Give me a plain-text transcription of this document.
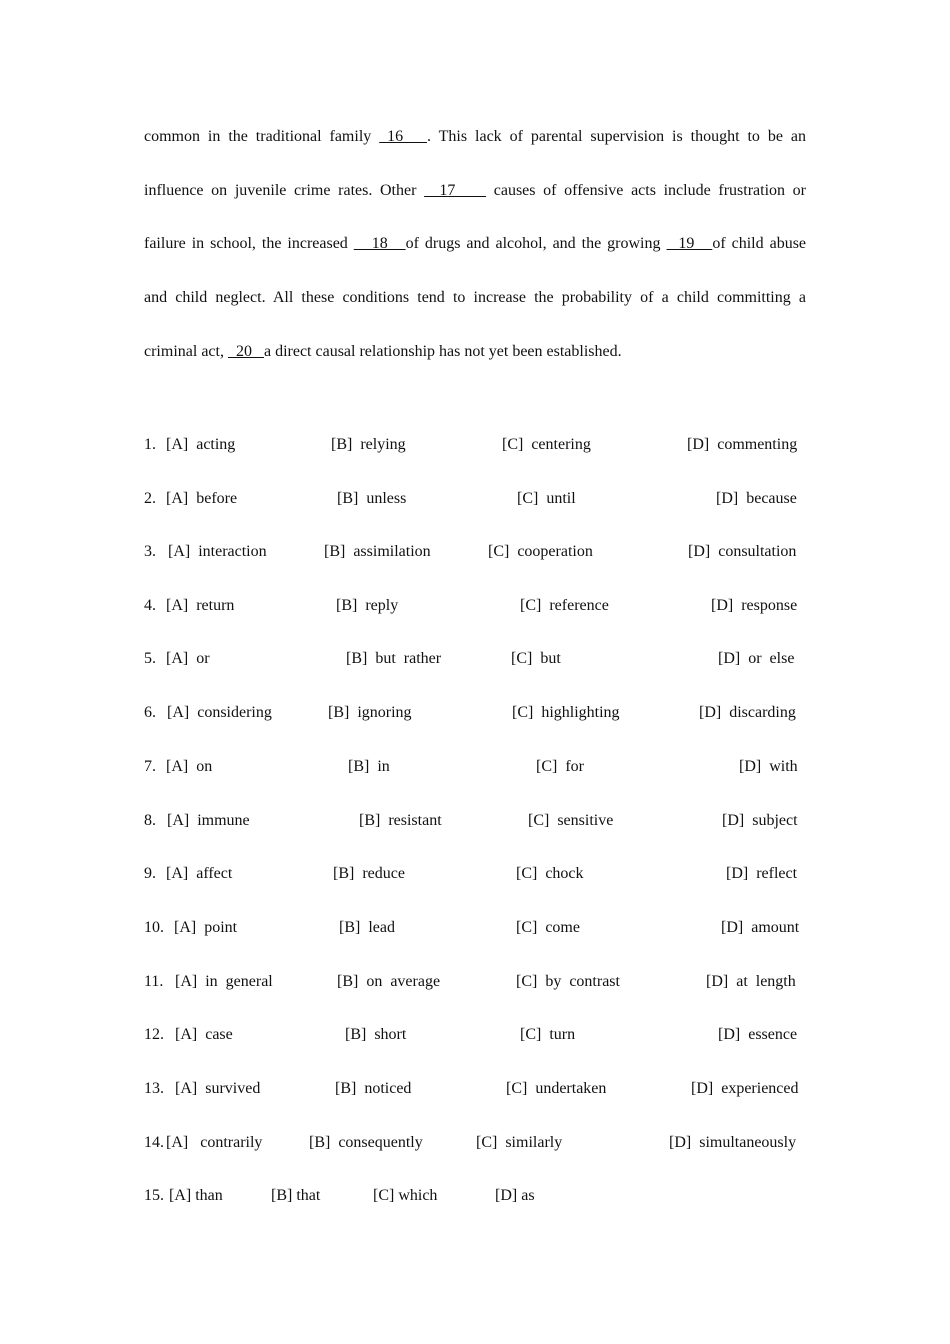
common in the traditional family  16   . This lack of parental supervision is thought to be an
influence on juvenile crime rates. Other   17     causes of offensive acts include frustration or
failure in school, the increased    18   of drugs and alcohol, and the growing   19   of child abuse
and child neglect. All these conditions tend to increase the probability of a child committing a
criminal act,   20   a direct causal relationship has not yet been established.

1.

[A]  acting

	[B]  relying

	[C]  centering

	[D]  commenting

2.

[A]  before

	[B]  unless

	[C]  until

	[D]  because

3.

[A]  interaction

	[B]  assimilation

	[C]  cooperation

	[D]  consultation

4.

[A]  return

	[B]  reply

	[C]  reference

	[D]  response

5.

[A]  or

	[B]  but  rather

	[C]  but

	[D]  or  else

6.

[A]  considering

	[B]  ignoring

	[C]  highlighting

	[D]  discarding

7.

[A]  on

	[B]  in

	[C]  for

	[D]  with

8.

[A]  immune

	[B]  resistant

	[C]  sensitive

	[D]  subject

9.

[A]  affect

	[B]  reduce

	[C]  chock

	[D]  reflect

10.

[A]  point

	[B]  lead

	[C]  come

	[D]  amount

11.

[A]  in  general

	[B]  on  average

	[C]  by  contrast

	[D]  at  length

12.

[A]  case

	[B]  short

	[C]  turn

	[D]  essence

13.

[A]  survived

	[B]  noticed

	[C]  undertaken

	[D]  experienced

14.

[A]   contrarily

	[B]  consequently

	[C]  similarly

	[D]  simultaneously

15.

[A] than

	[B] that

	[C] which

	[D] as
